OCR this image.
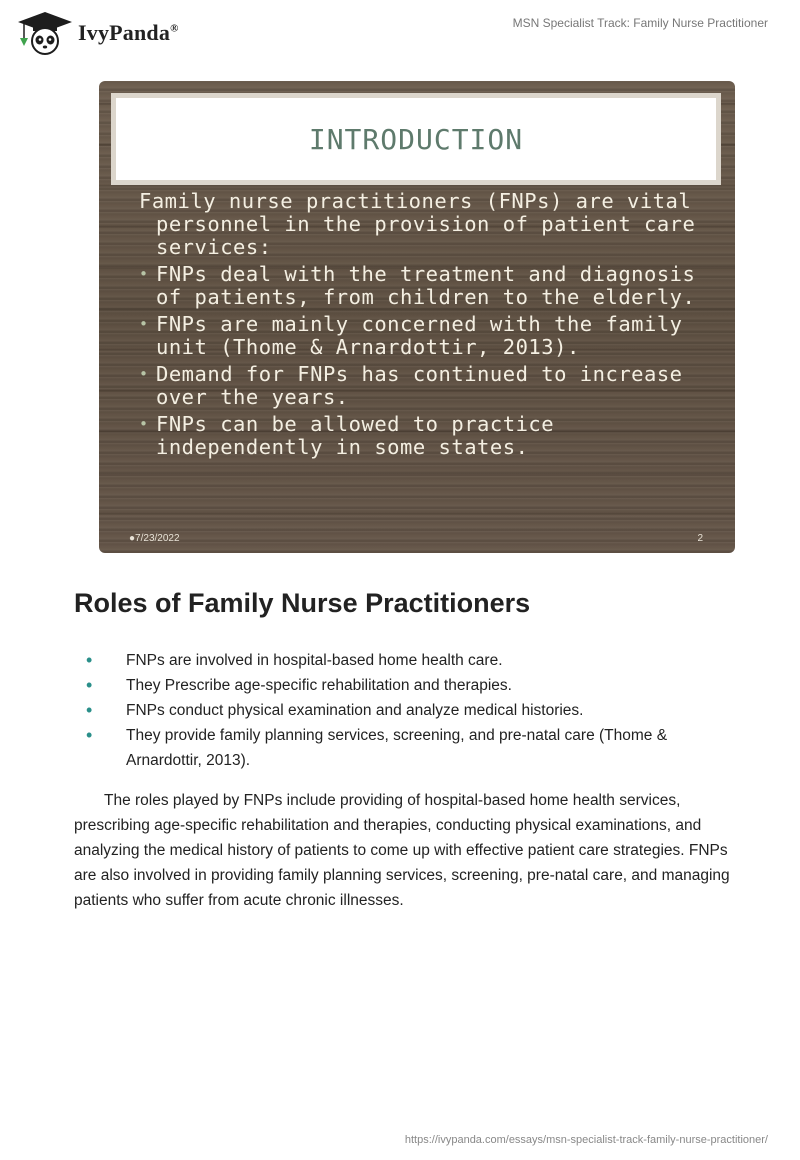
IvyPanda®	MSN Specialist Track: Family Nurse Practitioner
INTRODUCTION
Family nurse practitioners (FNPs) are vital personnel in the provision of patient care services:
• FNPs deal with the treatment and diagnosis of patients, from children to the elderly.
• FNPs are mainly concerned with the family unit (Thome & Arnardottir, 2013).
• Demand for FNPs has continued to increase over the years.
• FNPs can be allowed to practice independently in some states.
●7/23/2022	2
Roles of Family Nurse Practitioners
• FNPs are involved in hospital-based home health care.
• They Prescribe age-specific rehabilitation and therapies.
• FNPs conduct physical examination and analyze medical histories.
• They provide family planning services, screening, and pre-natal care (Thome & Arnardottir, 2013).

The roles played by FNPs include providing of hospital-based home health services, prescribing age-specific rehabilitation and therapies, conducting physical examinations, and analyzing the medical history of patients to come up with effective patient care strategies. FNPs are also involved in providing family planning services, screening, pre-natal care, and managing patients who suffer from acute chronic illnesses.

https://ivypanda.com/essays/msn-specialist-track-family-nurse-practitioner/
